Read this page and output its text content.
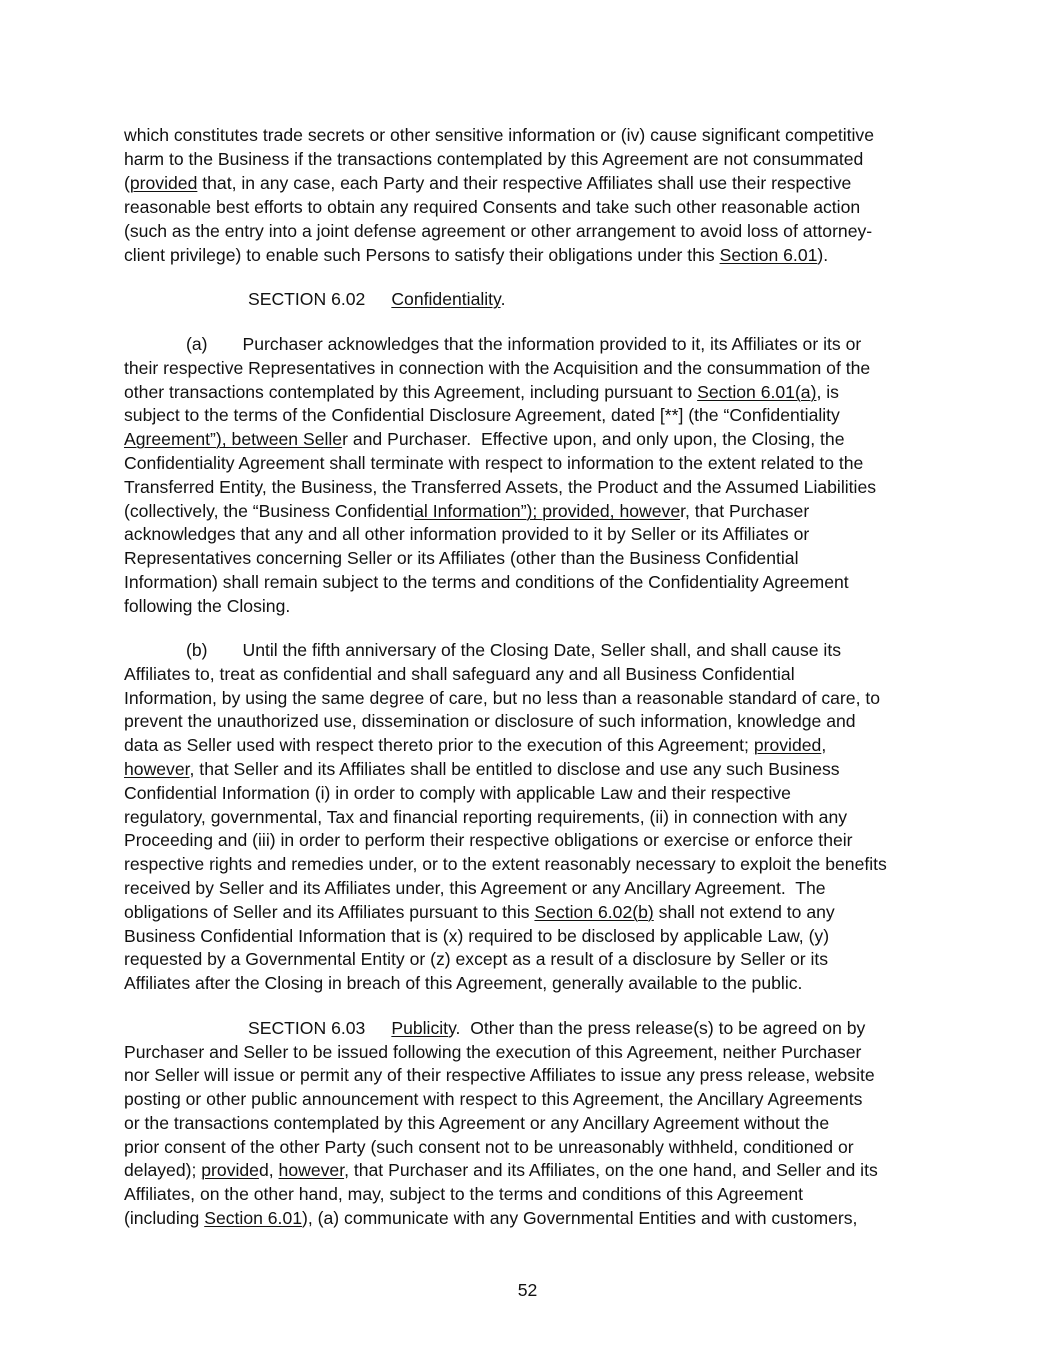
which constitutes trade secrets or other sensitive information or (iv) cause significant competitive

harm to the Business if the transactions contemplated by this Agreement are not consummated

(provided that, in any case, each Party and their respective Affiliates shall use their respective

reasonable best efforts to obtain any required Consents and take such other reasonable action

(such as the entry into a joint defense agreement or other arrangement to avoid loss of attorney-

client privilege) to enable such Persons to satisfy their obligations under this Section 6.01).

SECTION 6.02 Confidentiality.

(a) Purchaser acknowledges that the information provided to it, its Affiliates or its or

their respective Representatives in connection with the Acquisition and the consummation of the

other transactions contemplated by this Agreement, including pursuant to Section 6.01(a), is

subject to the terms of the Confidential Disclosure Agreement, dated [**] (the “Confidentiality

Agreement”), between Seller and Purchaser.  Effective upon, and only upon, the Closing, the

Confidentiality Agreement shall terminate with respect to information to the extent related to the

Transferred Entity, the Business, the Transferred Assets, the Product and the Assumed Liabilities

(collectively, the “Business Confidential Information”); provided, however, that Purchaser

acknowledges that any and all other information provided to it by Seller or its Affiliates or

Representatives concerning Seller or its Affiliates (other than the Business Confidential

Information) shall remain subject to the terms and conditions of the Confidentiality Agreement

following the Closing.

(b) Until the fifth anniversary of the Closing Date, Seller shall, and shall cause its

Affiliates to, treat as confidential and shall safeguard any and all Business Confidential

Information, by using the same degree of care, but no less than a reasonable standard of care, to

prevent the unauthorized use, dissemination or disclosure of such information, knowledge and

data as Seller used with respect thereto prior to the execution of this Agreement; provided,

however, that Seller and its Affiliates shall be entitled to disclose and use any such Business

Confidential Information (i) in order to comply with applicable Law and their respective

regulatory, governmental, Tax and financial reporting requirements, (ii) in connection with any

Proceeding and (iii) in order to perform their respective obligations or exercise or enforce their

respective rights and remedies under, or to the extent reasonably necessary to exploit the benefits

received by Seller and its Affiliates under, this Agreement or any Ancillary Agreement.  The

obligations of Seller and its Affiliates pursuant to this Section 6.02(b) shall not extend to any

Business Confidential Information that is (x) required to be disclosed by applicable Law, (y)

requested by a Governmental Entity or (z) except as a result of a disclosure by Seller or its

Affiliates after the Closing in breach of this Agreement, generally available to the public.

SECTION 6.03 Publicity.  Other than the press release(s) to be agreed on by

Purchaser and Seller to be issued following the execution of this Agreement, neither Purchaser

nor Seller will issue or permit any of their respective Affiliates to issue any press release, website

posting or other public announcement with respect to this Agreement, the Ancillary Agreements

or the transactions contemplated by this Agreement or any Ancillary Agreement without the

prior consent of the other Party (such consent not to be unreasonably withheld, conditioned or

delayed); provided, however, that Purchaser and its Affiliates, on the one hand, and Seller and its

Affiliates, on the other hand, may, subject to the terms and conditions of this Agreement

(including Section 6.01), (a) communicate with any Governmental Entities and with customers,

52
